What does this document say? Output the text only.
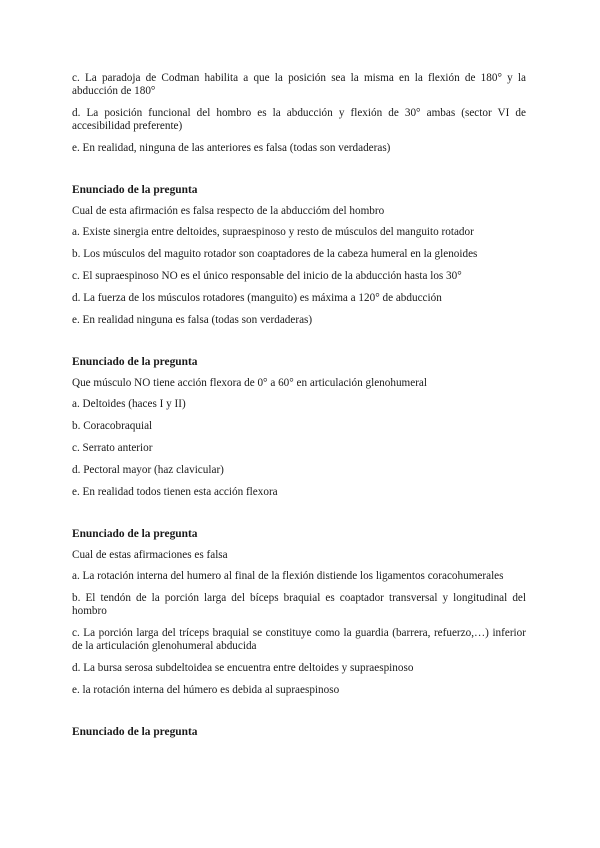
c. La paradoja de Codman habilita a que la posición sea la misma en la flexión de 180° y la abducción de 180°

d. La posición funcional del hombro es la abducción y flexión de 30° ambas (sector VI de accesibilidad preferente)

e. En realidad, ninguna de las anteriores es falsa (todas son verdaderas)

Enunciado de la pregunta

Cual de esta afirmación es falsa respecto de la abduccióm del hombro

a. Existe sinergia entre deltoides, supraespinoso y resto de músculos del manguito rotador

b. Los músculos del maguito rotador son coaptadores de la cabeza humeral en la glenoides

c. El supraespinoso NO es el único responsable del inicio de la abducción hasta los 30°

d. La fuerza de los músculos rotadores (manguito) es máxima a 120° de abducción

e. En realidad ninguna es falsa (todas son verdaderas)

Enunciado de la pregunta

Que músculo NO tiene acción flexora de 0° a 60° en articulación glenohumeral

a. Deltoides (haces I y II)

b. Coracobraquial

c. Serrato anterior

d. Pectoral mayor (haz clavicular)

e. En realidad todos tienen esta acción flexora

Enunciado de la pregunta

Cual de estas afirmaciones es falsa

a. La rotación interna del humero al final de la flexión distiende los ligamentos coracohumerales

b. El tendón de la porción larga del bíceps braquial es coaptador transversal y longitudinal del hombro

c. La porción larga del tríceps braquial se constituye como la guardia (barrera, refuerzo,…) inferior de la articulación glenohumeral abducida

d. La bursa serosa subdeltoidea se encuentra entre deltoides y supraespinoso

e. la rotación interna del húmero es debida al supraespinoso

Enunciado de la pregunta
